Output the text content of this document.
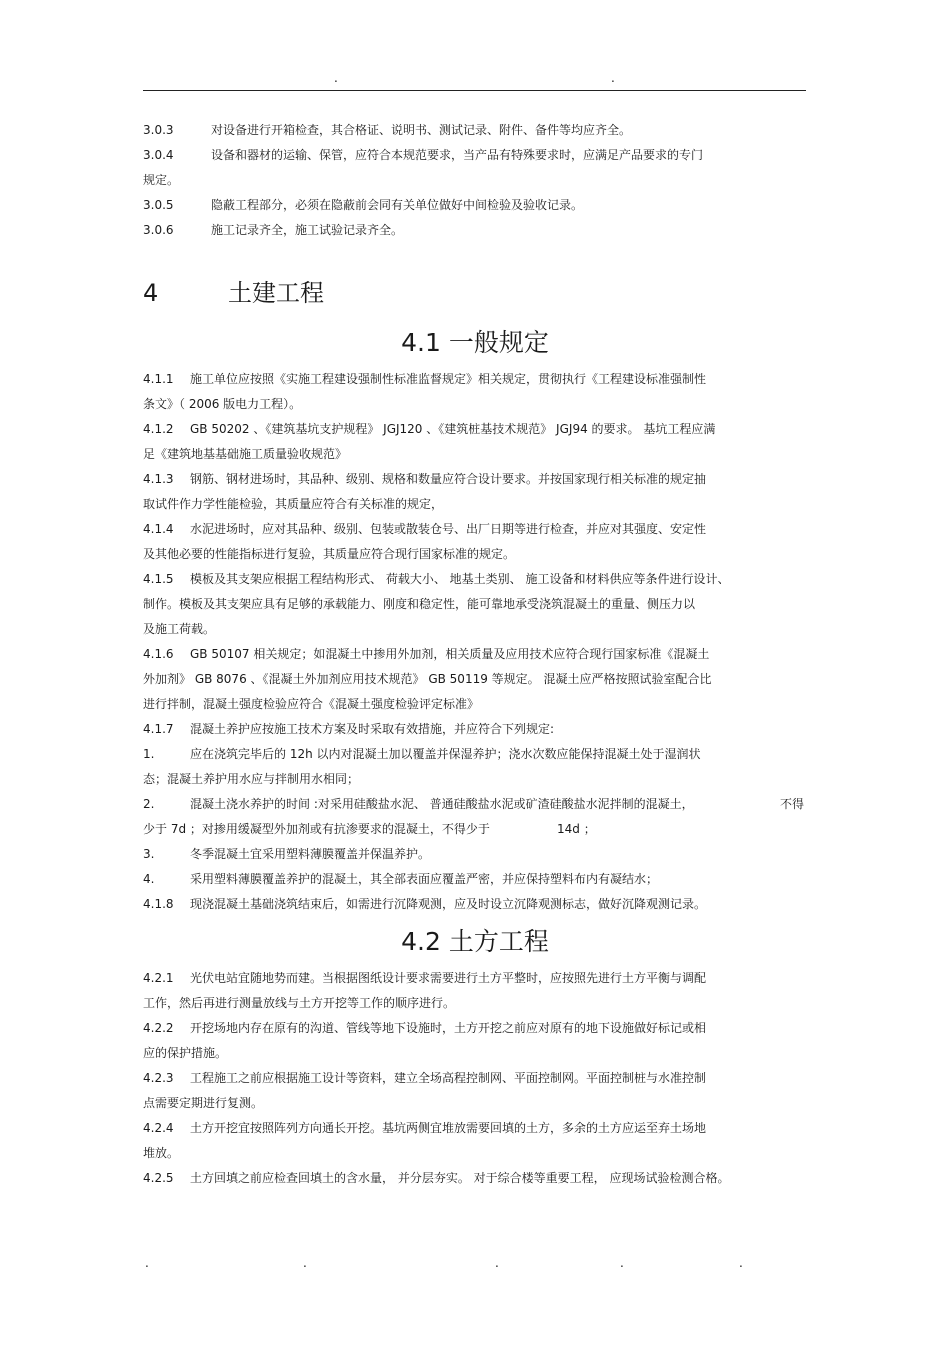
.	.
3.0.3	对设备进行开箱检查，其合格证、说明书、测试记录、附件、备件等均应齐全。
3.0.4	设备和器材的运输、保管，应符合本规范要求，当产品有特殊要求时，应满足产品要求的专门
规定。
3.0.5	隐蔽工程部分，必须在隐蔽前会同有关单位做好中间检验及验收记录。
3.0.6	施工记录齐全，施工试验记录齐全。
4	土建工程
4.1 一般规定
4.1.1 施工单位应按照《实施工程建设强制性标准监督规定》相关规定，贯彻执行《工程建设标准强制性
条文》（ 2006 版电力工程）。
4.1.2 GB 50202 、《建筑基坑支护规程》 JGJ120 、《建筑桩基技术规范》 JGJ94 的要求。 基坑工程应满
足《建筑地基基础施工质量验收规范》
4.1.3 钢筋、钢材进场时，其品种、级别、规格和数量应符合设计要求。并按国家现行相关标准的规定抽
取试件作力学性能检验，其质量应符合有关标准的规定，
4.1.4 水泥进场时，应对其品种、级别、包装或散装仓号、出厂日期等进行检查，并应对其强度、安定性
及其他必要的性能指标进行复验，其质量应符合现行国家标准的规定。
4.1.5 模板及其支架应根据工程结构形式、 荷载大小、 地基土类别、 施工设备和材料供应等条件进行设计、
制作。模板及其支架应具有足够的承载能力、刚度和稳定性，能可靠地承受浇筑混凝土的重量、侧压力以
及施工荷载。
4.1.6 GB 50107 相关规定；如混凝土中掺用外加剂，相关质量及应用技术应符合现行国家标准《混凝土
外加剂》 GB 8076 、《混凝土外加剂应用技术规范》 GB 50119 等规定。 混凝土应严格按照试验室配合比
进行拌制，混凝土强度检验应符合《混凝土强度检验评定标准》
4.1.7 混凝土养护应按施工技术方案及时采取有效措施，并应符合下列规定:
1.	应在浇筑完毕后的 12h 以内对混凝土加以覆盖并保湿养护；浇水次数应能保持混凝土处于湿润状
态；混凝土养护用水应与拌制用水相同；
2.	混凝土浇水养护的时间 :对采用硅酸盐水泥、 普通硅酸盐水泥或矿渣硅酸盐水泥拌制的混凝土，	不得
少于 7d ；对掺用缓凝型外加剂或有抗渗要求的混凝土，不得少于	14d ；
3.	冬季混凝土宜采用塑料薄膜覆盖并保温养护。
4.	采用塑料薄膜覆盖养护的混凝土，其全部表面应覆盖严密，并应保持塑料布内有凝结水；
4.1.8 现浇混凝土基础浇筑结束后，如需进行沉降观测，应及时设立沉降观测标志，做好沉降观测记录。
4.2 土方工程
4.2.1 光伏电站宜随地势而建。当根据图纸设计要求需要进行土方平整时，应按照先进行土方平衡与调配
工作，然后再进行测量放线与土方开挖等工作的顺序进行。
4.2.2 开挖场地内存在原有的沟道、管线等地下设施时，土方开挖之前应对原有的地下设施做好标记或相
应的保护措施。
4.2.3 工程施工之前应根据施工设计等资料，建立全场高程控制网、平面控制网。平面控制桩与水准控制
点需要定期进行复测。
4.2.4 土方开挖宜按照阵列方向通长开挖。基坑两侧宜堆放需要回填的土方，多余的土方应运至弃土场地
堆放。
4.2.5 土方回填之前应检查回填土的含水量， 并分层夯实。 对于综合楼等重要工程， 应现场试验检测合格。
.	.	.	.	.
